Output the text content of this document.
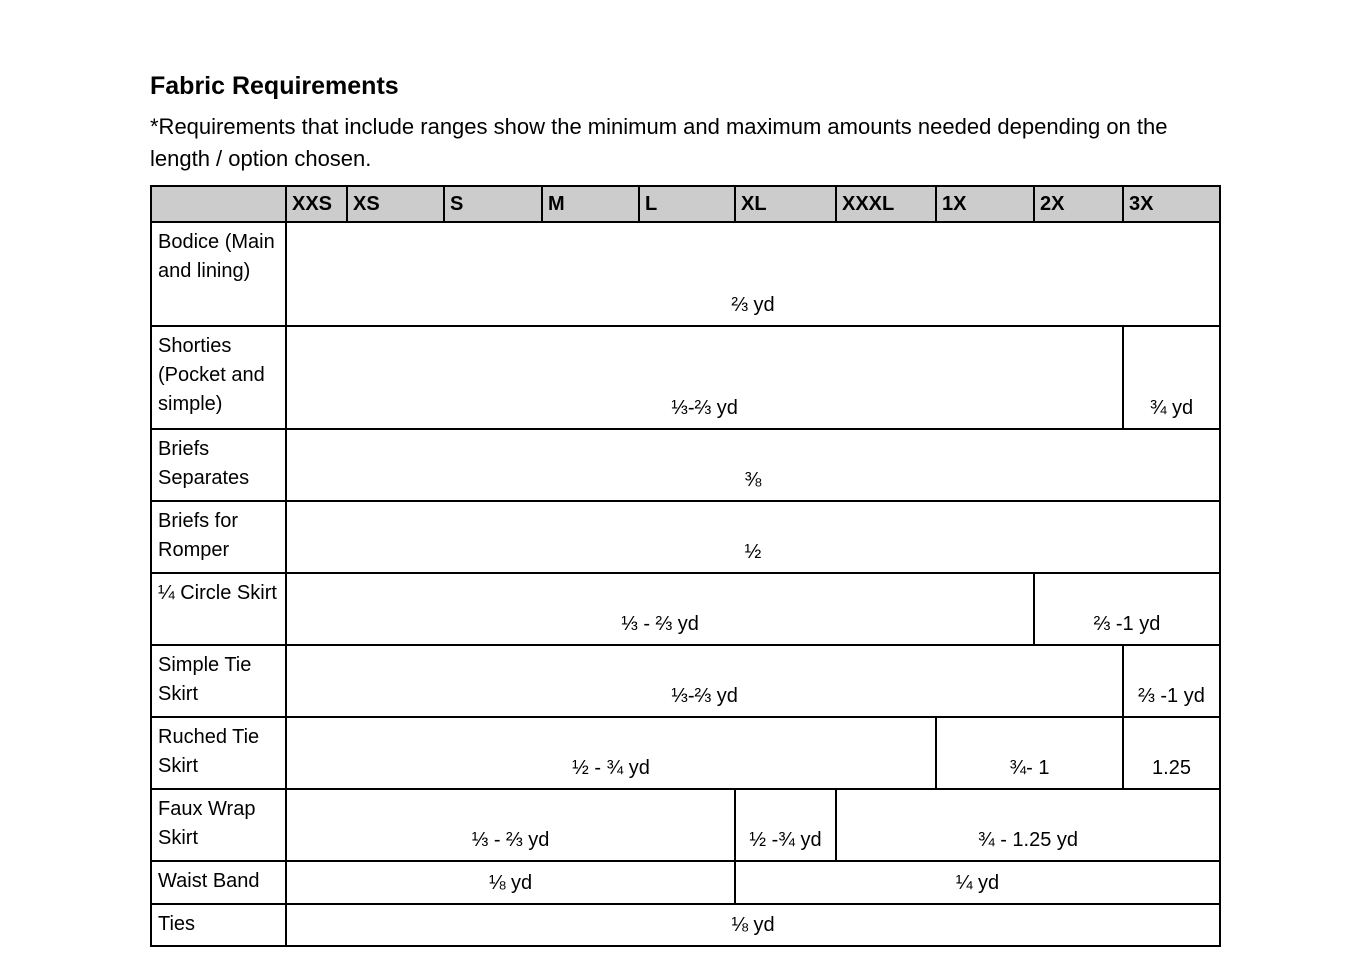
Fabric Requirements

*Requirements that include ranges show the minimum and maximum amounts needed depending on the length / option chosen.

	XXS	XS	S	M	L	XL	XXXL	1X	2X	3X
Bodice (Main and lining)	⅔ yd									
Shorties (Pocket and simple)	⅓-⅔ yd									¾ yd
Briefs Separates	⅜									
Briefs for Romper	½									
¼ Circle Skirt	⅓ - ⅔ yd								⅔ -1 yd	
Simple Tie Skirt	⅓-⅔ yd									⅔ -1 yd
Ruched Tie Skirt	½ - ¾ yd							¾- 1		1.25
Faux Wrap Skirt	⅓ - ⅔ yd					½ -¾ yd	¾ - 1.25 yd			
Waist Band	⅛ yd					¼ yd				
Ties	⅛ yd									
